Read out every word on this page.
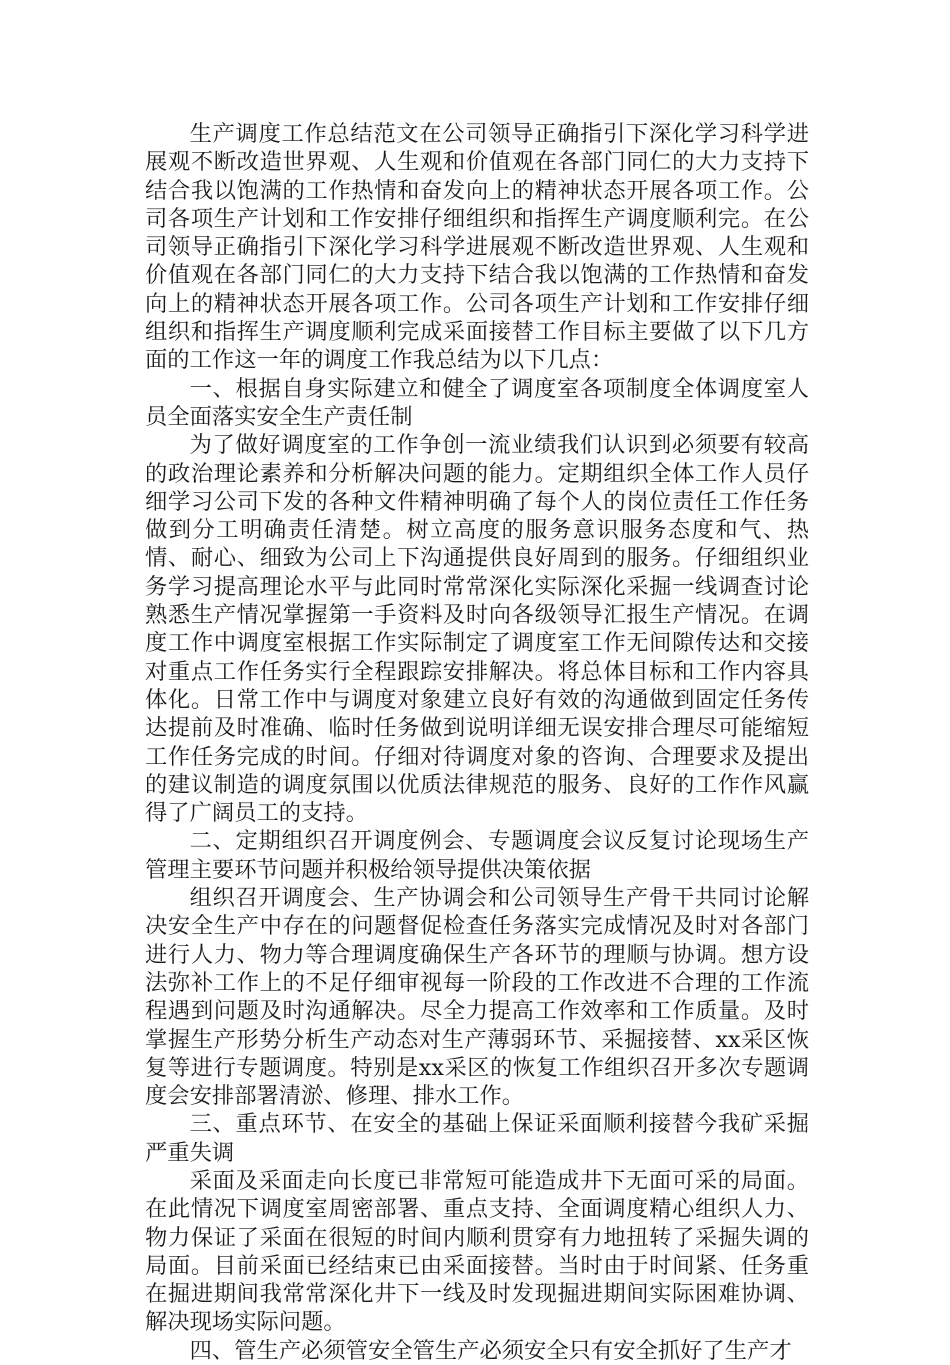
生产调度工作总结范文在公司领导正确指引下深化学习科学进展观不断改造世界观、人生观和价值观在各部门同仁的大力支持下结合我以饱满的工作热情和奋发向上的精神状态开展各项工作。公司各项生产计划和工作安排仔细组织和指挥生产调度顺利完。在公司领导正确指引下深化学习科学进展观不断改造世界观、人生观和价值观在各部门同仁的大力支持下结合我以饱满的工作热情和奋发向上的精神状态开展各项工作。公司各项生产计划和工作安排仔细组织和指挥生产调度顺利完成采面接替工作目标主要做了以下几方面的工作这一年的调度工作我总结为以下几点：

一、根据自身实际建立和健全了调度室各项制度全体调度室人员全面落实安全生产责任制

为了做好调度室的工作争创一流业绩我们认识到必须要有较高的政治理论素养和分析解决问题的能力。定期组织全体工作人员仔细学习公司下发的各种文件精神明确了每个人的岗位责任工作任务做到分工明确责任清楚。树立高度的服务意识服务态度和气、热情、耐心、细致为公司上下沟通提供良好周到的服务。仔细组织业务学习提高理论水平与此同时常常深化实际深化采掘一线调查讨论熟悉生产情况掌握第一手资料及时向各级领导汇报生产情况。在调度工作中调度室根据工作实际制定了调度室工作无间隙传达和交接对重点工作任务实行全程跟踪安排解决。将总体目标和工作内容具体化。日常工作中与调度对象建立良好有效的沟通做到固定任务传达提前及时准确、临时任务做到说明详细无误安排合理尽可能缩短工作任务完成的时间。仔细对待调度对象的咨询、合理要求及提出的建议制造的调度氛围以优质法律规范的服务、良好的工作作风赢得了广阔员工的支持。

二、定期组织召开调度例会、专题调度会议反复讨论现场生产管理主要环节问题并积极给领导提供决策依据

组织召开调度会、生产协调会和公司领导生产骨干共同讨论解决安全生产中存在的问题督促检查任务落实完成情况及时对各部门进行人力、物力等合理调度确保生产各环节的理顺与协调。想方设法弥补工作上的不足仔细审视每一阶段的工作改进不合理的工作流程遇到问题及时沟通解决。尽全力提高工作效率和工作质量。及时掌握生产形势分析生产动态对生产薄弱环节、采掘接替、xx采区恢复等进行专题调度。特别是xx采区的恢复工作组织召开多次专题调度会安排部署清淤、修理、排水工作。

三、重点环节、在安全的基础上保证采面顺利接替今我矿采掘严重失调

采面及采面走向长度已非常短可能造成井下无面可采的局面。在此情况下调度室周密部署、重点支持、全面调度精心组织人力、物力保证了采面在很短的时间内顺利贯穿有力地扭转了采掘失调的局面。目前采面已经结束已由采面接替。当时由于时间紧、任务重在掘进期间我常常深化井下一线及时发现掘进期间实际困难协调、解决现场实际问题。

四、管生产必须管安全管生产必须安全只有安全抓好了生产才
